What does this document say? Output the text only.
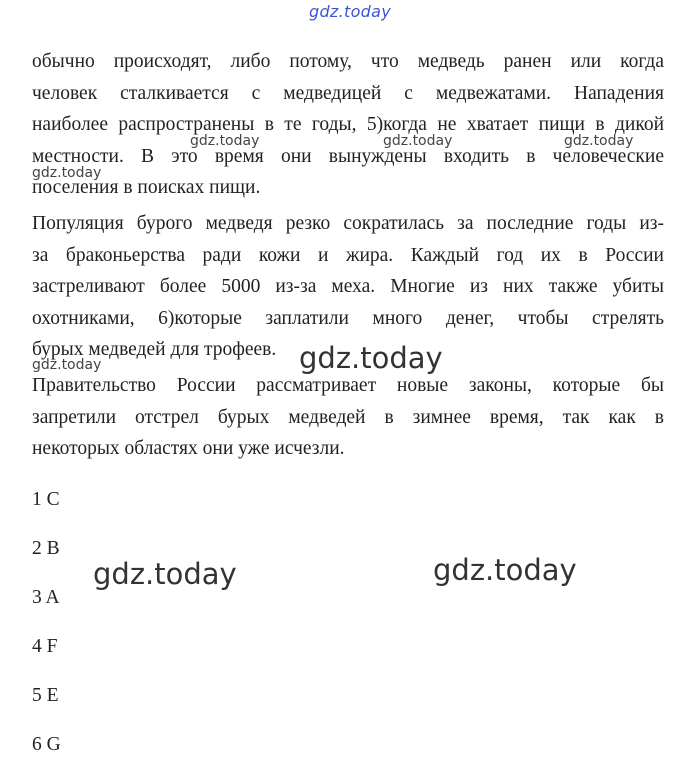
gdz.today
обычно происходят, либо потому, что медведь ранен или когда
человек сталкивается с медведицей с медвежатами. Нападения
наиболее распространены в те годы, 5)когда не хватает пищи в дикой
местности. В это время они вынуждены входить в человеческие
поселения в поисках пищи.
Популяция бурого медведя резко сократилась за последние годы из-
за браконьерства ради кожи и жира. Каждый год их в России
застреливают более 5000 из-за меха. Многие из них также убиты
охотниками, 6)которые заплатили много денег, чтобы стрелять
бурых медведей для трофеев.
Правительство России рассматривает новые законы, которые бы
запретили отстрел бурых медведей в зимнее время, так как в
некоторых областях они уже исчезли.
1 C
2 B
3 A
4 F
5 E
6 G
gdz.today	gdz.today	gdz.today
gdz.today
gdz.today	gdz.today
gdz.today	gdz.today
